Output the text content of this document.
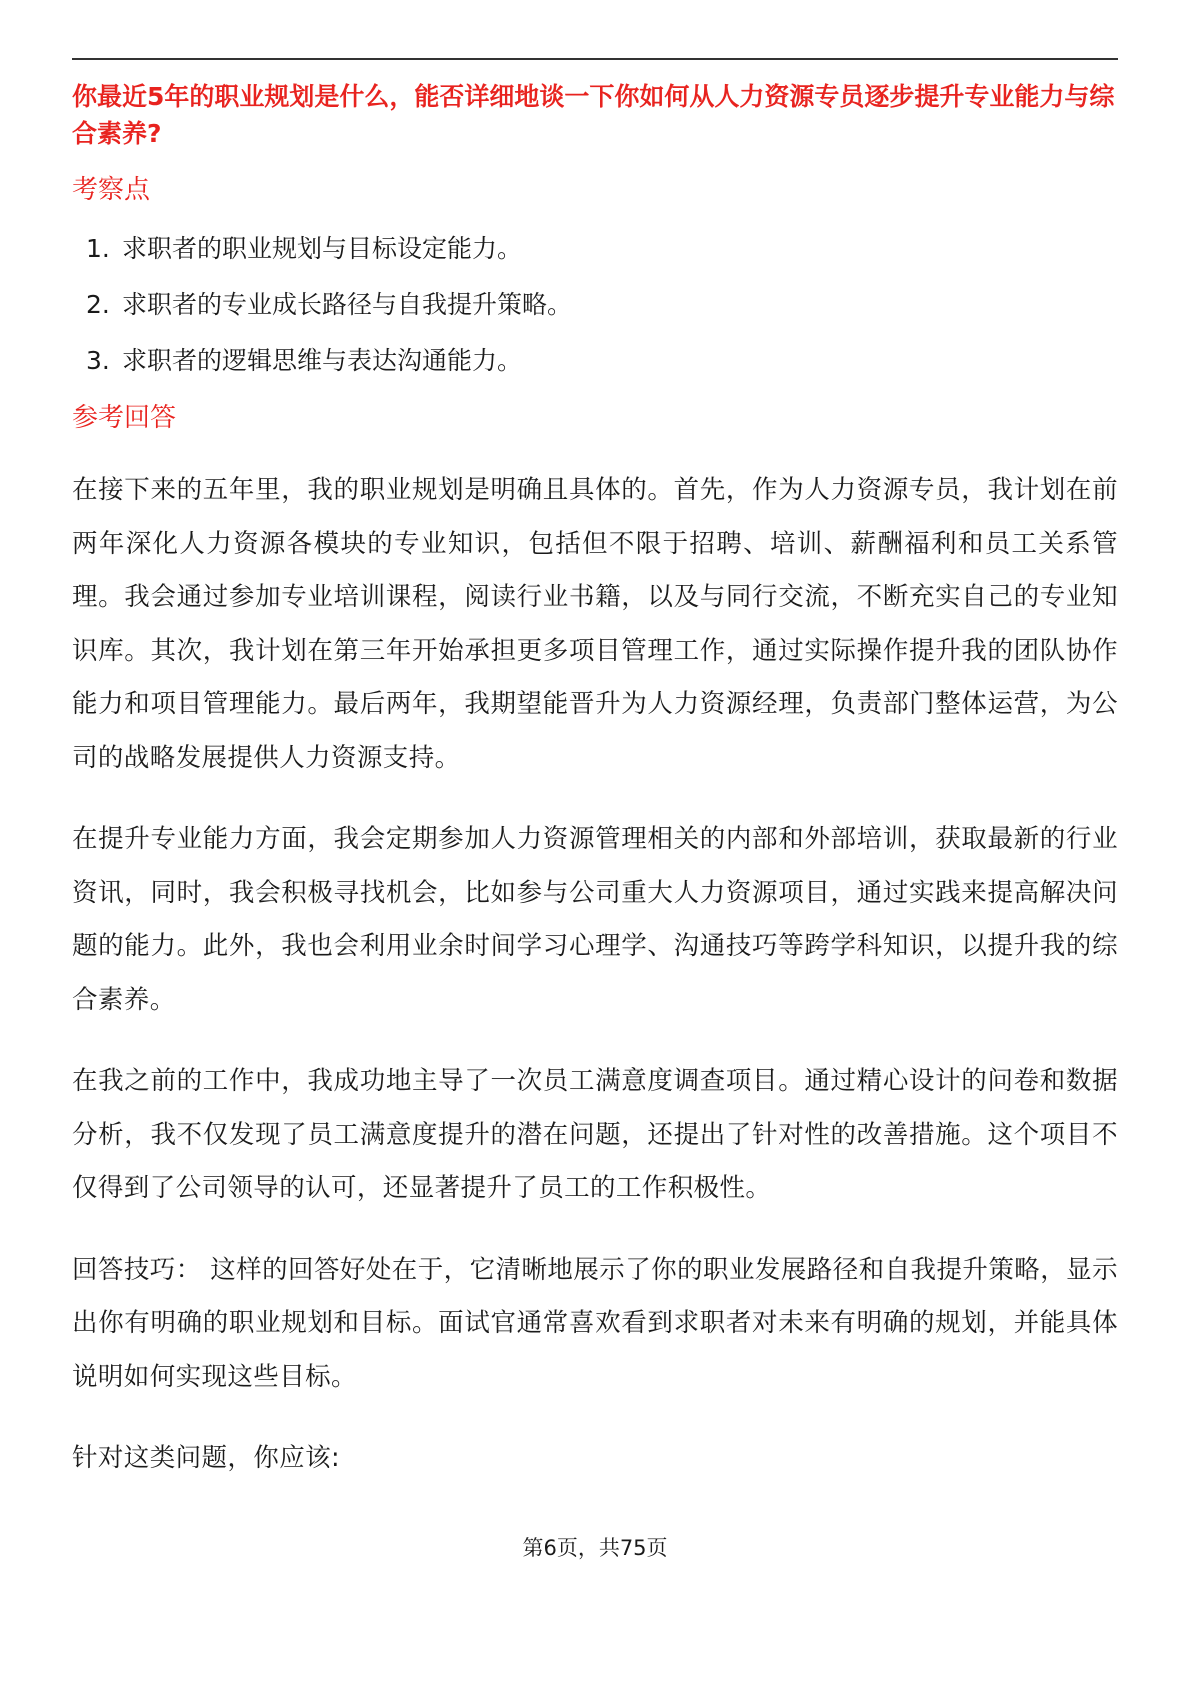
你最近5年的职业规划是什么，能否详细地谈一下你如何从人力资源专员逐步提升专业能力与综合素养?

考察点

1. 求职者的职业规划与目标设定能力。
2. 求职者的专业成长路径与自我提升策略。
3. 求职者的逻辑思维与表达沟通能力。

参考回答

在接下来的五年里，我的职业规划是明确且具体的。首先，作为人力资源专员，我计划在前两年深化人力资源各模块的专业知识，包括但不限于招聘、培训、薪酬福利和员工关系管理。我会通过参加专业培训课程，阅读行业书籍，以及与同行交流，不断充实自己的专业知识库。其次，我计划在第三年开始承担更多项目管理工作，通过实际操作提升我的团队协作能力和项目管理能力。最后两年，我期望能晋升为人力资源经理，负责部门整体运营，为公司的战略发展提供人力资源支持。

在提升专业能力方面，我会定期参加人力资源管理相关的内部和外部培训，获取最新的行业资讯，同时，我会积极寻找机会，比如参与公司重大人力资源项目，通过实践来提高解决问题的能力。此外，我也会利用业余时间学习心理学、沟通技巧等跨学科知识，以提升我的综合素养。

在我之前的工作中，我成功地主导了一次员工满意度调查项目。通过精心设计的问卷和数据分析，我不仅发现了员工满意度提升的潜在问题，还提出了针对性的改善措施。这个项目不仅得到了公司领导的认可，还显著提升了员工的工作积极性。

回答技巧： 这样的回答好处在于，它清晰地展示了你的职业发展路径和自我提升策略，显示出你有明确的职业规划和目标。面试官通常喜欢看到求职者对未来有明确的规划，并能具体说明如何实现这些目标。

针对这类问题，你应该:

第6页，共75页
